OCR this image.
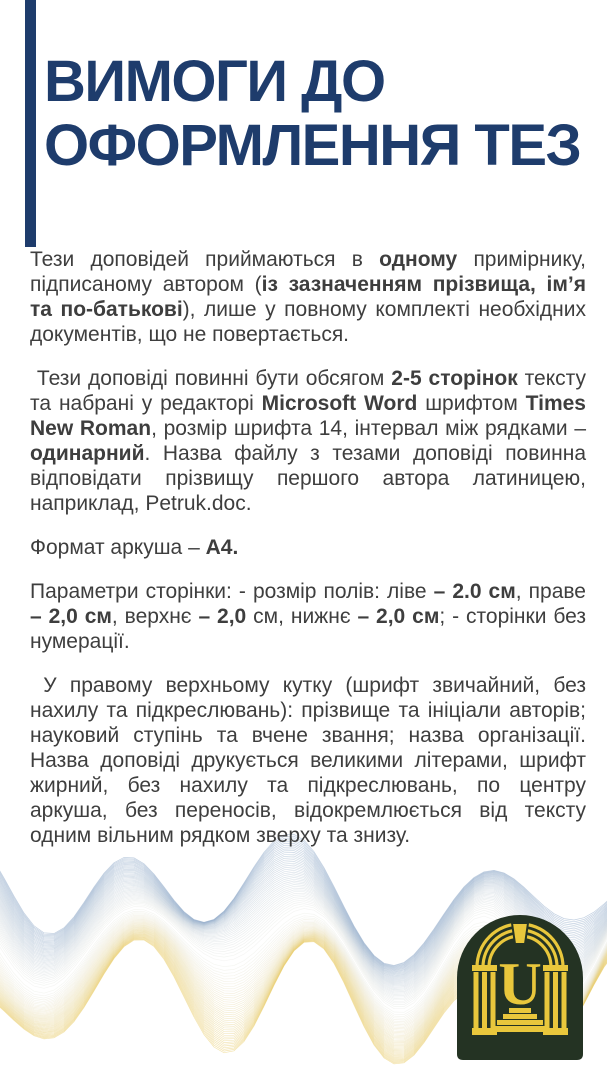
ВИМОГИ ДО
ОФОРМЛЕННЯ ТЕЗ

Тези доповідей приймаються в одному примірнику, підписаному автором (із зазначенням прізвища, ім’я та по-батькові), лише у повному комплекті необхідних документів, що не повертається.

Тези доповіді повинні бути обсягом 2-5 сторінок тексту та набрані у редакторі Microsoft Word шрифтом Times New Roman, розмір шрифта 14, інтервал між рядками – одинарний. Назва файлу з тезами доповіді повинна відповідати прізвищу першого автора латиницею, наприклад, Petruk.doc.

Формат аркуша – А4.

Параметри сторінки: - розмір полів: ліве – 2.0 см, праве – 2,0 см, верхнє – 2,0 см, нижнє – 2,0 см; - сторінки без нумерації.

У правому верхньому кутку (шрифт звичайний, без нахилу та підкреслювань): прізвище та ініціали авторів; науковий ступінь та вчене звання; назва організації. Назва доповіді друкується великими літерами, шрифт жирний, без нахилу та підкреслювань, по центру аркуша, без переносів, відокремлюється від тексту одним вільним рядком зверху та знизу.

U
